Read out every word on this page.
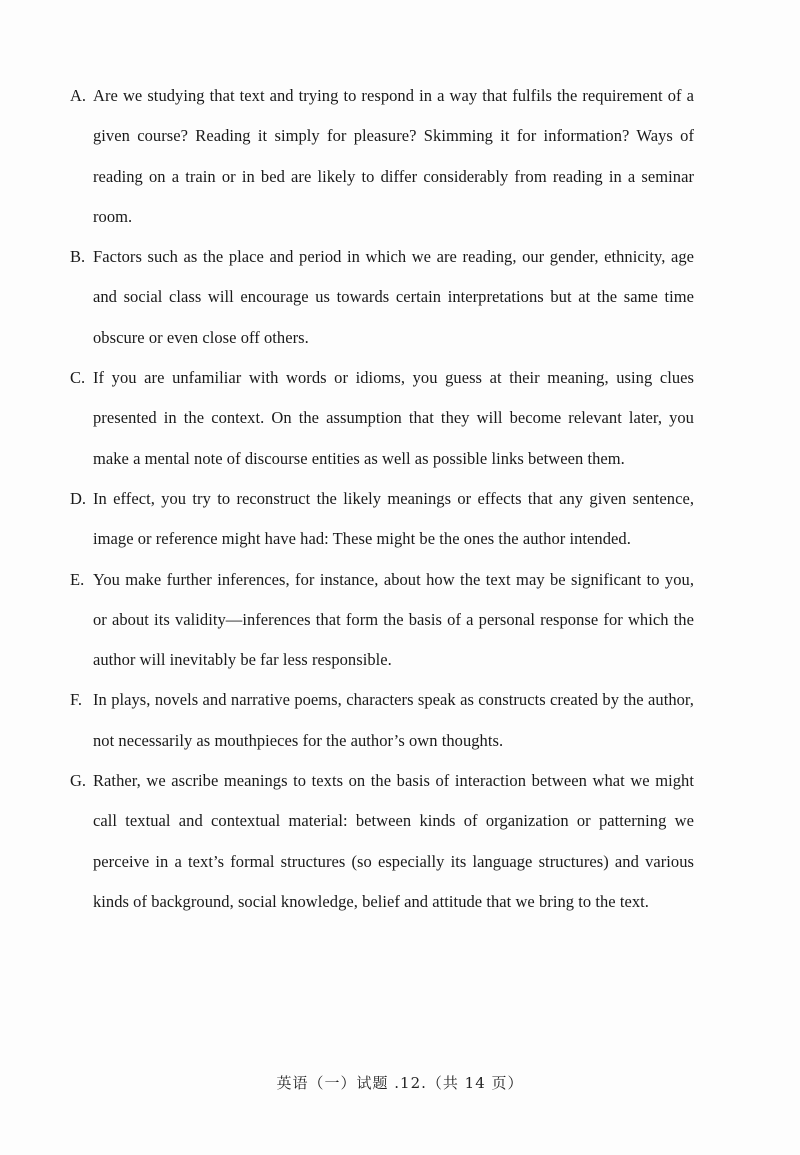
A. Are we studying that text and trying to respond in a way that fulfils the requirement of a given course? Reading it simply for pleasure? Skimming it for information? Ways of reading on a train or in bed are likely to differ considerably from reading in a seminar room.

B. Factors such as the place and period in which we are reading, our gender, ethnicity, age and social class will encourage us towards certain interpretations but at the same time obscure or even close off others.

C. If you are unfamiliar with words or idioms, you guess at their meaning, using clues presented in the context. On the assumption that they will become relevant later, you make a mental note of discourse entities as well as possible links between them.

D. In effect, you try to reconstruct the likely meanings or effects that any given sentence, image or reference might have had: These might be the ones the author intended.

E. You make further inferences, for instance, about how the text may be significant to you, or about its validity—inferences that form the basis of a personal response for which the author will inevitably be far less responsible.

F. In plays, novels and narrative poems, characters speak as constructs created by the author, not necessarily as mouthpieces for the author’s own thoughts.

G. Rather, we ascribe meanings to texts on the basis of interaction between what we might call textual and contextual material: between kinds of organization or patterning we perceive in a text’s formal structures (so especially its language structures) and various kinds of background, social knowledge, belief and attitude that we bring to the text.

英语（一）试题 .12.（共 14 页）
